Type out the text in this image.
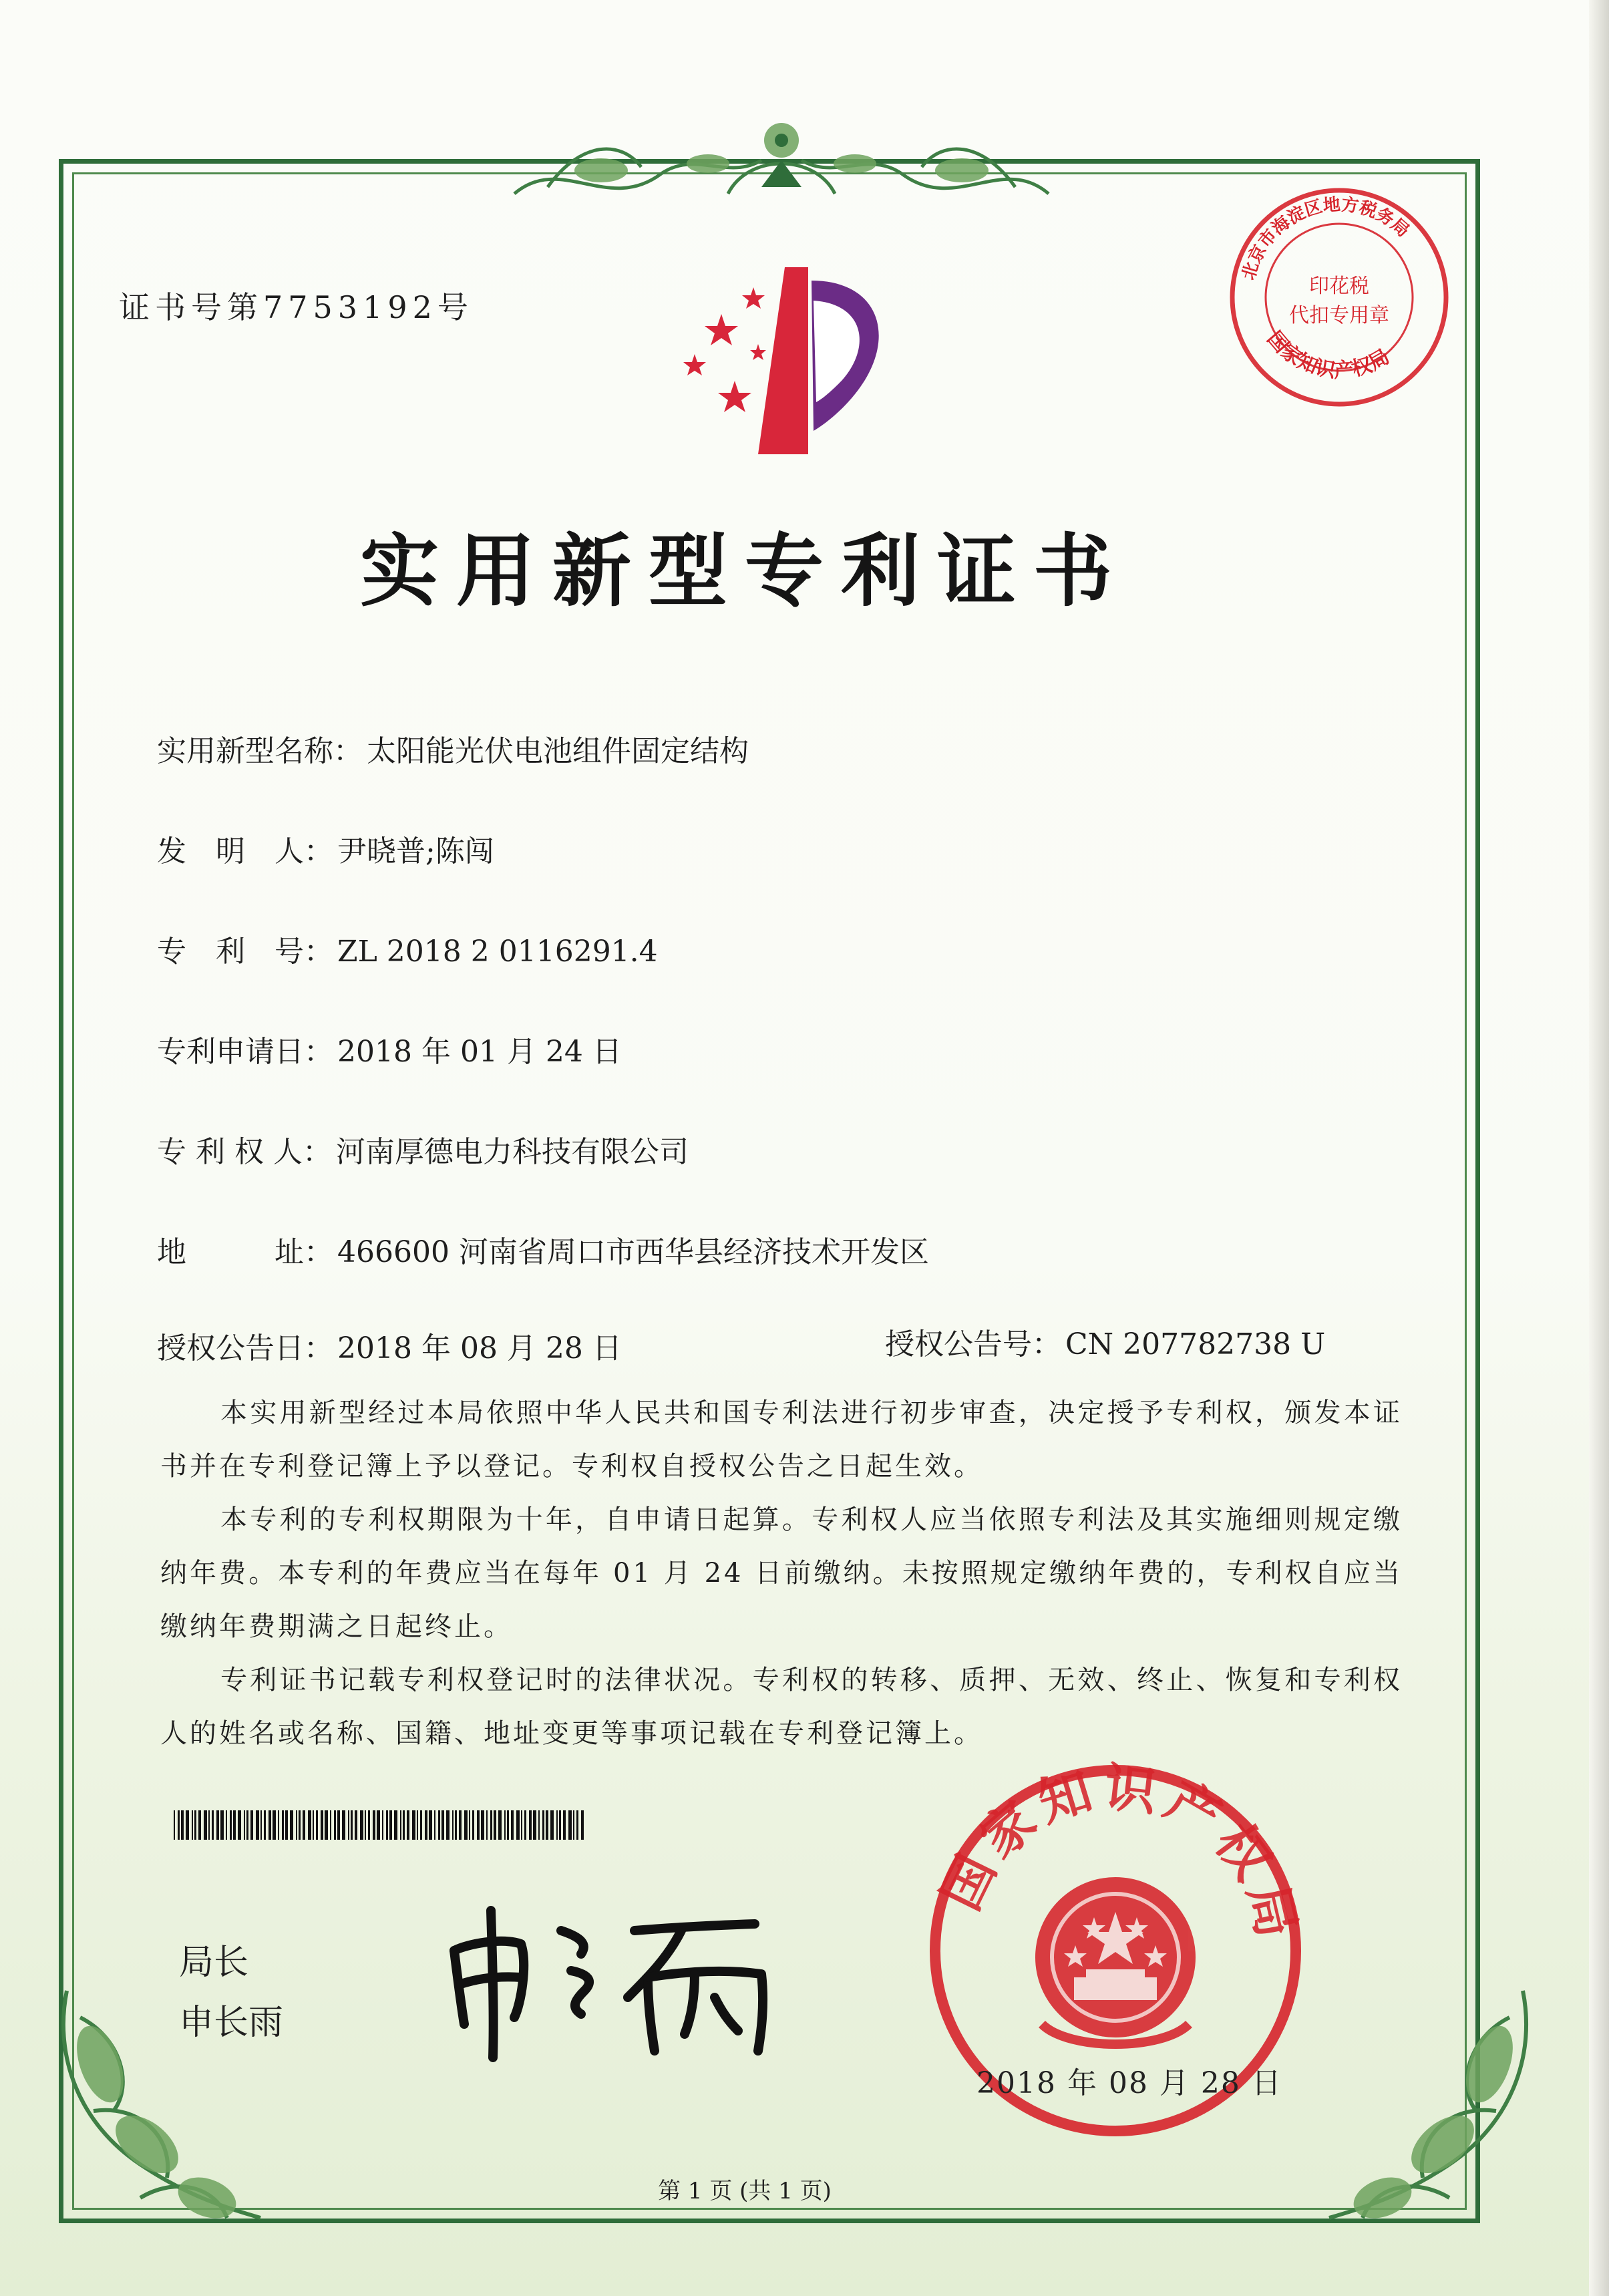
证书号第7753192号
实用新型专利证书
实用新型名称： 太阳能光伏电池组件固定结构
发　明　人： 尹晓普;陈闯
专　利　号： ZL 2018 2 0116291.4
专利申请日： 2018 年 01 月 24 日
专 利 权 人： 河南厚德电力科技有限公司
地　　　址： 466600 河南省周口市西华县经济技术开发区
授权公告日： 2018 年 08 月 28 日	授权公告号： CN 207782738 U

本实用新型经过本局依照中华人民共和国专利法进行初步审查，决定授予专利权，颁发本证书并在专利登记簿上予以登记。专利权自授权公告之日起生效。

本专利的专利权期限为十年，自申请日起算。专利权人应当依照专利法及其实施细则规定缴纳年费。本专利的年费应当在每年 01 月 24 日前缴纳。未按照规定缴纳年费的，专利权自应当缴纳年费期满之日起终止。

专利证书记载专利权登记时的法律状况。专利权的转移、质押、无效、终止、恢复和专利权人的姓名或名称、国籍、地址变更等事项记载在专利登记簿上。

局长
申长雨
国家知识产权局
北京市海淀区地方税务局
国家知识产权局
印花税
代扣专用章
2018 年 08 月 28 日
第 1 页 (共 1 页)
